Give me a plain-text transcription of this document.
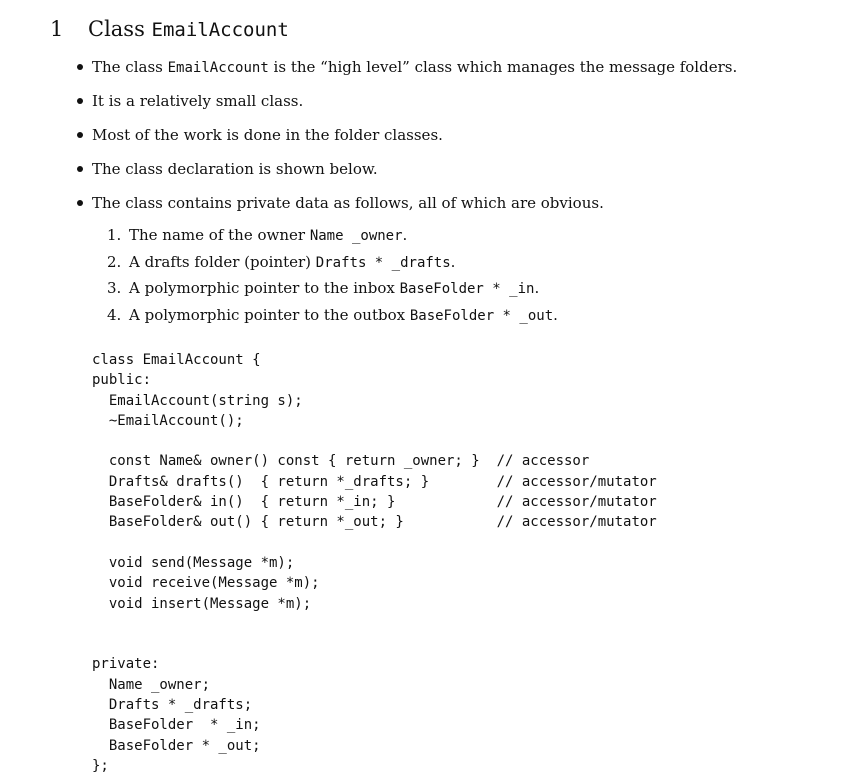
1 Class EmailAccount
The class EmailAccount is the “high level” class which manages the message folders.
It is a relatively small class.
Most of the work is done in the folder classes.
The class declaration is shown below.
The class contains private data as follows, all of which are obvious.
1. The name of the owner Name _owner.
2. A drafts folder (pointer) Drafts * _drafts.
3. A polymorphic pointer to the inbox BaseFolder * _in.
4. A polymorphic pointer to the outbox BaseFolder * _out.
class EmailAccount {
public:
EmailAccount(string s);
~EmailAccount();
const Name& owner() const { return _owner; }  // accessor
Drafts& drafts()  { return *_drafts; }        // accessor/mutator
BaseFolder& in()  { return *_in; }            // accessor/mutator
BaseFolder& out() { return *_out; }           // accessor/mutator
void send(Message *m);
void receive(Message *m);
void insert(Message *m);
private:
Name _owner;
Drafts * _drafts;
BaseFolder  * _in;
BaseFolder * _out;
};
